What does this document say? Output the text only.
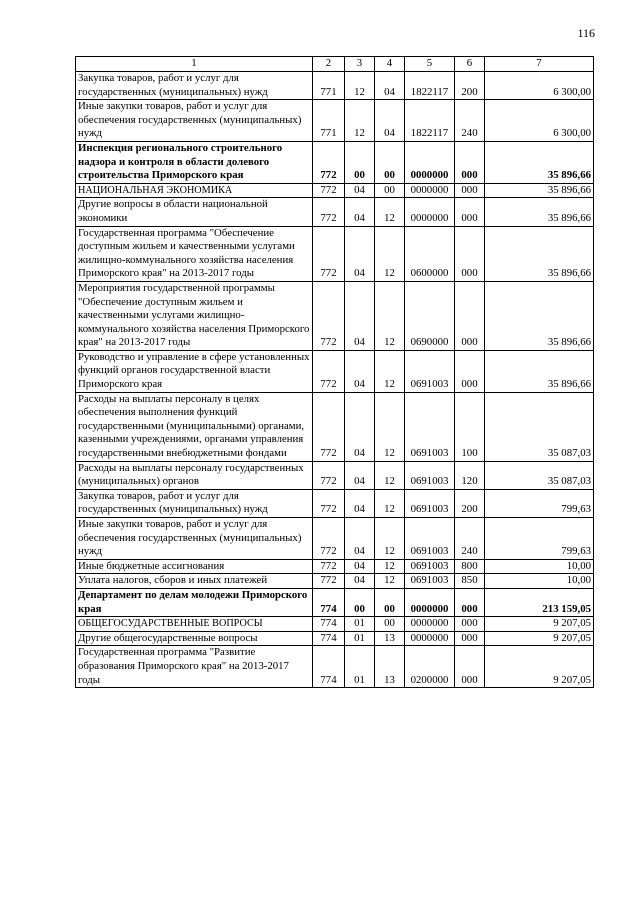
116
1	2	3	4	5	6	7
Закупка товаров, работ и услуг для государственных (муниципальных) нужд	771	12	04	1822117	200	6 300,00
Иные закупки товаров, работ и услуг для обеспечения государственных (муниципальных) нужд	771	12	04	1822117	240	6 300,00
Инспекция регионального строительного надзора и контроля в области долевого строительства Приморского края	772	00	00	0000000	000	35 896,66
НАЦИОНАЛЬНАЯ ЭКОНОМИКА	772	04	00	0000000	000	35 896,66
Другие вопросы в области национальной экономики	772	04	12	0000000	000	35 896,66
Государственная программа "Обеспечение доступным жильем и качественными услугами жилищно-коммунального хозяйства населения Приморского края" на 2013-2017 годы	772	04	12	0600000	000	35 896,66
Мероприятия государственной программы "Обеспечение доступным жильем и качественными услугами жилищно-коммунального хозяйства населения Приморского края" на 2013-2017 годы	772	04	12	0690000	000	35 896,66
Руководство и управление в сфере установленных функций органов государственной власти Приморского края	772	04	12	0691003	000	35 896,66
Расходы на выплаты персоналу в целях обеспечения выполнения функций государственными (муниципальными) органами, казенными учреждениями, органами управления государственными внебюджетными фондами	772	04	12	0691003	100	35 087,03
Расходы на выплаты персоналу государственных (муниципальных) органов	772	04	12	0691003	120	35 087,03
Закупка товаров, работ и услуг для государственных (муниципальных) нужд	772	04	12	0691003	200	799,63
Иные закупки товаров, работ и услуг для обеспечения государственных (муниципальных) нужд	772	04	12	0691003	240	799,63
Иные бюджетные ассигнования	772	04	12	0691003	800	10,00
Уплата налогов, сборов и иных платежей	772	04	12	0691003	850	10,00
Департамент по делам молодежи Приморского края	774	00	00	0000000	000	213 159,05
ОБЩЕГОСУДАРСТВЕННЫЕ ВОПРОСЫ	774	01	00	0000000	000	9 207,05
Другие общегосударственные вопросы	774	01	13	0000000	000	9 207,05
Государственная программа "Развитие образования Приморского края" на 2013-2017 годы	774	01	13	0200000	000	9 207,05
